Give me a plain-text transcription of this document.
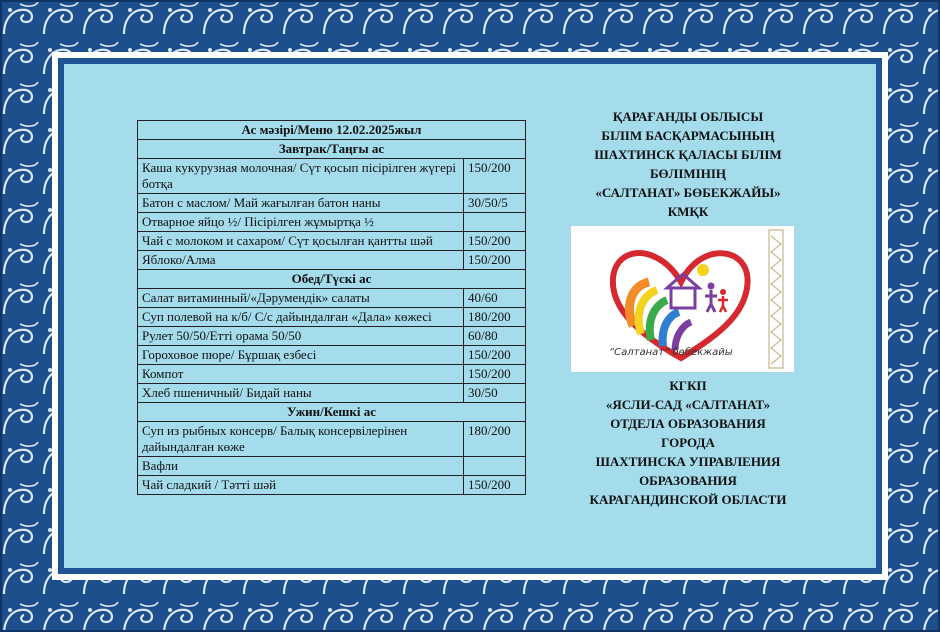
Ас мәзірі/Меню 12.02.2025жыл	
Завтрак/Таңғы ас	
Каша кукурузная молочная/ Сүт қосып пісірілген жүгері ботқа	150/200
Батон с маслом/ Май жағылған батон наны	30/50/5
Отварное яйцо ½/ Пісірілген жұмыртқа ½	
Чай с молоком и сахаром/ Сүт қосылған қантты шәй	150/200
Яблоко/Алма	150/200
Обед/Түскі ас	
Салат витаминный/«Дәрумендік» салаты	40/60
Суп полевой на к/б/ С/с дайындалған «Дала» көжесі	180/200
Рулет 50/50/Етті орама 50/50	60/80
Гороховое пюре/ Бұршақ езбесі	150/200
Компот	150/200
Хлеб пшеничный/ Бидай наны	30/50
Ужин/Кешкі ас	
Суп из рыбных консерв/ Балық консервілерінен дайындалған көже	180/200
Вафли	
Чай сладкий / Тәтті шәй	150/200
ҚАРАҒАНДЫ ОБЛЫСЫ
БІЛІМ БАСҚАРМАСЫНЫҢ
ШАХТИНСК ҚАЛАСЫ БІЛІМ
БӨЛІМІНІҢ
«САЛТАНАТ» БӨБЕКЖАЙЫ»
КМҚК
“Салтанат” бөбекжайы
КГКП
«ЯСЛИ-САД «САЛТАНАТ»
ОТДЕЛА ОБРАЗОВАНИЯ
ГОРОДА
ШАХТИНСКА УПРАВЛЕНИЯ
ОБРАЗОВАНИЯ
КАРАГАНДИНСКОЙ ОБЛАСТИ
